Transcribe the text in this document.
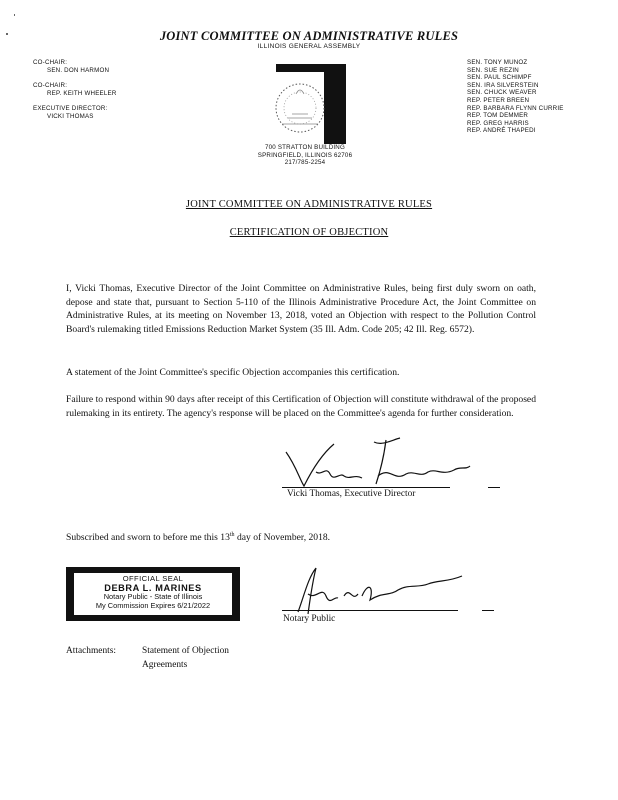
JOINT COMMITTEE ON ADMINISTRATIVE RULES
ILLINOIS GENERAL ASSEMBLY
CO-CHAIR:
SEN. DON HARMON
CO-CHAIR:
REP. KEITH WHEELER
EXECUTIVE DIRECTOR:
VICKI THOMAS
700 STRATTON BUILDING
SPRINGFIELD, ILLINOIS 62706
217/785-2254
SEN. TONY MUNOZ
SEN. SUE REZIN
SEN. PAUL SCHIMPF
SEN. IRA SILVERSTEIN
SEN. CHUCK WEAVER
REP. PETER BREEN
REP. BARBARA FLYNN CURRIE
REP. TOM DEMMER
REP. GREG HARRIS
REP. ANDRÉ THAPEDI
JOINT COMMITTEE ON ADMINISTRATIVE RULES
CERTIFICATION OF OBJECTION
I, Vicki Thomas, Executive Director of the Joint Committee on Administrative Rules, being first duly sworn on oath, depose and state that, pursuant to Section 5-110 of the Illinois Administrative Procedure Act, the Joint Committee on Administrative Rules, at its meeting on November 13, 2018, voted an Objection with respect to the Pollution Control Board's rulemaking titled Emissions Reduction Market System (35 Ill. Adm. Code 205; 42 Ill. Reg. 6572).
A statement of the Joint Committee's specific Objection accompanies this certification.
Failure to respond within 90 days after receipt of this Certification of Objection will constitute withdrawal of the proposed rulemaking in its entirety. The agency's response will be placed on the Committee's agenda for further consideration.
Vicki Thomas, Executive Director
Subscribed and sworn to before me this 13th day of November, 2018.
OFFICIAL SEAL
DEBRA L. MARINES
Notary Public - State of Illinois
My Commission Expires 6/21/2022
Notary Public
Attachments:	Statement of Objection
Agreements
